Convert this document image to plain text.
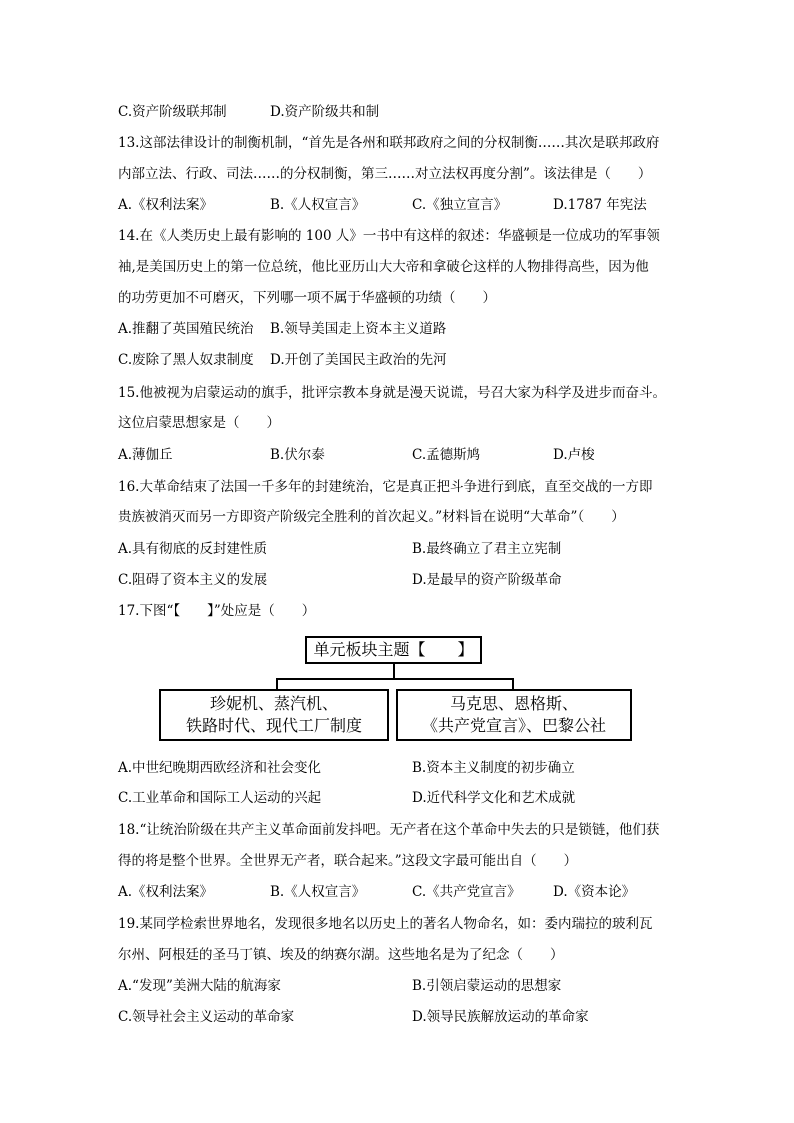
C.资产阶级联邦制	D.资产阶级共和制
13.这部法律设计的制衡机制，“首先是各州和联邦政府之间的分权制衡……其次是联邦政府
内部立法、行政、司法……的分权制衡，第三……对立法权再度分割”。该法律是（　　）
A.《权利法案》	B.《人权宣言》	C.《独立宣言》	D.1787 年宪法
14.在《人类历史上最有影响的 100 人》一书中有这样的叙述：华盛顿是一位成功的军事领
袖,是美国历史上的第一位总统，他比亚历山大大帝和拿破仑这样的人物排得高些，因为他
的功劳更加不可磨灭，下列哪一项不属于华盛顿的功绩（　　）
A.推翻了英国殖民统治 B.领导美国走上资本主义道路
C.废除了黑人奴隶制度 D.开创了美国民主政治的先河
15.他被视为启蒙运动的旗手，批评宗教本身就是漫天说谎，号召大家为科学及进步而奋斗。
这位启蒙思想家是（　　）
A.薄伽丘	B.伏尔泰	C.孟德斯鸠	D.卢梭
16.大革命结束了法国一千多年的封建统治，它是真正把斗争进行到底，直至交战的一方即
贵族被消灭而另一方即资产阶级完全胜利的首次起义。”材料旨在说明“大革命”（　　）
A.具有彻底的反封建性质	B.最终确立了君主立宪制
C.阻碍了资本主义的发展	D.是最早的资产阶级革命
17.下图“【　　】”处应是（　　）
单元板块主题【　　】
珍妮机、蒸汽机、
铁路时代、现代工厂制度
马克思、恩格斯、
《共产党宣言》、巴黎公社
A.中世纪晚期西欧经济和社会变化	B.资本主义制度的初步确立
C.工业革命和国际工人运动的兴起	D.近代科学文化和艺术成就
18.“让统治阶级在共产主义革命面前发抖吧。无产者在这个革命中失去的只是锁链，他们获
得的将是整个世界。全世界无产者，联合起来。”这段文字最可能出自（　　）
A.《权利法案》	B.《人权宣言》	C.《共产党宣言》 D.《资本论》
19.某同学检索世界地名，发现很多地名以历史上的著名人物命名，如：委内瑞拉的玻利瓦
尔州、阿根廷的圣马丁镇、埃及的纳赛尔湖。这些地名是为了纪念（　　）
A.“发现”美洲大陆的航海家	B.引领启蒙运动的思想家
C.领导社会主义运动的革命家	D.领导民族解放运动的革命家
